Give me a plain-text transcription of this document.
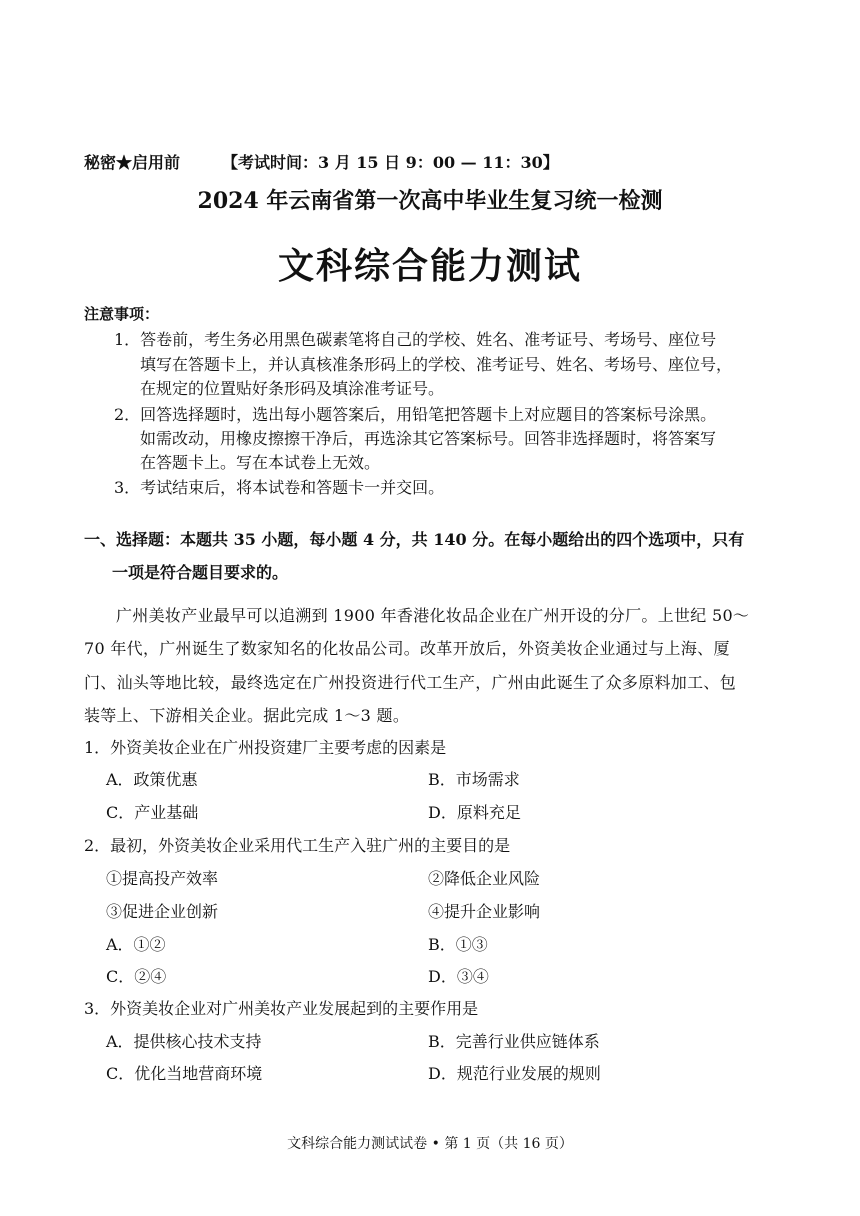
秘密★启用前	【考试时间：3 月 15 日 9：00 — 11：30】
2024 年云南省第一次高中毕业生复习统一检测
文科综合能力测试
注意事项：
1．答卷前，考生务必用黑色碳素笔将自己的学校、姓名、准考证号、考场号、座位号
填写在答题卡上，并认真核准条形码上的学校、准考证号、姓名、考场号、座位号，
在规定的位置贴好条形码及填涂准考证号。
2．回答选择题时，选出每小题答案后，用铅笔把答题卡上对应题目的答案标号涂黑。
如需改动，用橡皮擦擦干净后，再选涂其它答案标号。回答非选择题时，将答案写
在答题卡上。写在本试卷上无效。
3．考试结束后，将本试卷和答题卡一并交回。
一、选择题：本题共 35 小题，每小题 4 分，共 140 分。在每小题给出的四个选项中，只有
一项是符合题目要求的。
广州美妆产业最早可以追溯到 1900 年香港化妆品企业在广州开设的分厂。上世纪 50～
70 年代，广州诞生了数家知名的化妆品公司。改革开放后，外资美妆企业通过与上海、厦
门、汕头等地比较，最终选定在广州投资进行代工生产，广州由此诞生了众多原料加工、包
装等上、下游相关企业。据此完成 1～3 题。
1．外资美妆企业在广州投资建厂主要考虑的因素是
A．政策优惠	B．市场需求
C．产业基础	D．原料充足
2．最初，外资美妆企业采用代工生产入驻广州的主要目的是
①提高投产效率	②降低企业风险
③促进企业创新	④提升企业影响
A．①②	B．①③
C．②④	D．③④
3．外资美妆企业对广州美妆产业发展起到的主要作用是
A．提供核心技术支持	B．完善行业供应链体系
C．优化当地营商环境	D．规范行业发展的规则
文科综合能力测试试卷 • 第 1 页（共 16 页）
